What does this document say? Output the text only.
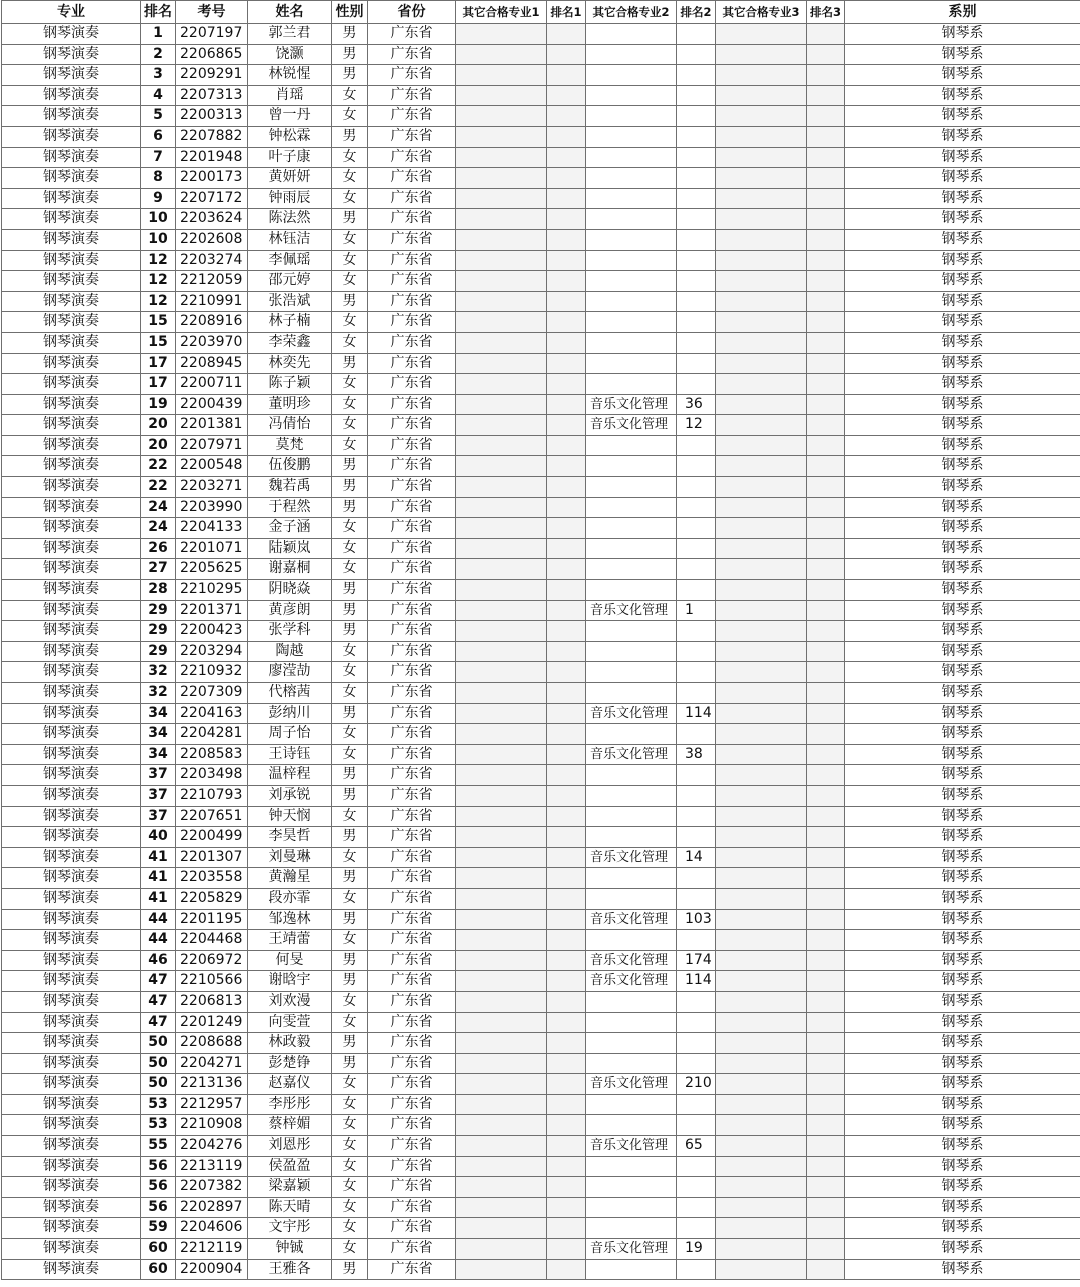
专业	排名	考号	姓名	性别	省份	其它合格专业1	排名1	其它合格专业2	排名2	其它合格专业3	排名3	系别
钢琴演奏	1	2207197	郭兰君	男	广东省							钢琴系
钢琴演奏	2	2206865	饶灏	男	广东省							钢琴系
钢琴演奏	3	2209291	林锐惺	男	广东省							钢琴系
钢琴演奏	4	2207313	肖瑶	女	广东省							钢琴系
钢琴演奏	5	2200313	曾一丹	女	广东省							钢琴系
钢琴演奏	6	2207882	钟松霖	男	广东省							钢琴系
钢琴演奏	7	2201948	叶子康	女	广东省							钢琴系
钢琴演奏	8	2200173	黄妍妍	女	广东省							钢琴系
钢琴演奏	9	2207172	钟雨辰	女	广东省							钢琴系
钢琴演奏	10	2203624	陈法然	男	广东省							钢琴系
钢琴演奏	10	2202608	林钰洁	女	广东省							钢琴系
钢琴演奏	12	2203274	李佩瑶	女	广东省							钢琴系
钢琴演奏	12	2212059	邵元婷	女	广东省							钢琴系
钢琴演奏	12	2210991	张浩斌	男	广东省							钢琴系
钢琴演奏	15	2208916	林子楠	女	广东省							钢琴系
钢琴演奏	15	2203970	李荣鑫	女	广东省							钢琴系
钢琴演奏	17	2208945	林奕先	男	广东省							钢琴系
钢琴演奏	17	2200711	陈子颖	女	广东省							钢琴系
钢琴演奏	19	2200439	董明珍	女	广东省			音乐文化管理	36			钢琴系
钢琴演奏	20	2201381	冯倩怡	女	广东省			音乐文化管理	12			钢琴系
钢琴演奏	20	2207971	莫梵	女	广东省							钢琴系
钢琴演奏	22	2200548	伍俊鹏	男	广东省							钢琴系
钢琴演奏	22	2203271	魏若禹	男	广东省							钢琴系
钢琴演奏	24	2203990	于程然	男	广东省							钢琴系
钢琴演奏	24	2204133	金子涵	女	广东省							钢琴系
钢琴演奏	26	2201071	陆颖岚	女	广东省							钢琴系
钢琴演奏	27	2205625	谢嘉桐	女	广东省							钢琴系
钢琴演奏	28	2210295	阴晓焱	男	广东省							钢琴系
钢琴演奏	29	2201371	黄彦朗	男	广东省			音乐文化管理	1			钢琴系
钢琴演奏	29	2200423	张学科	男	广东省							钢琴系
钢琴演奏	29	2203294	陶越	女	广东省							钢琴系
钢琴演奏	32	2210932	廖滢劼	女	广东省							钢琴系
钢琴演奏	32	2207309	代榕茜	女	广东省							钢琴系
钢琴演奏	34	2204163	彭纳川	男	广东省			音乐文化管理	114			钢琴系
钢琴演奏	34	2204281	周子怡	女	广东省							钢琴系
钢琴演奏	34	2208583	王诗钰	女	广东省			音乐文化管理	38			钢琴系
钢琴演奏	37	2203498	温梓程	男	广东省							钢琴系
钢琴演奏	37	2210793	刘承锐	男	广东省							钢琴系
钢琴演奏	37	2207651	钟天悯	女	广东省							钢琴系
钢琴演奏	40	2200499	李昊哲	男	广东省							钢琴系
钢琴演奏	41	2201307	刘曼琳	女	广东省			音乐文化管理	14			钢琴系
钢琴演奏	41	2203558	黄瀚星	男	广东省							钢琴系
钢琴演奏	41	2205829	段亦霏	女	广东省							钢琴系
钢琴演奏	44	2201195	邹逸林	男	广东省			音乐文化管理	103			钢琴系
钢琴演奏	44	2204468	王靖蕾	女	广东省							钢琴系
钢琴演奏	46	2206972	何旻	男	广东省			音乐文化管理	174			钢琴系
钢琴演奏	47	2210566	谢晗宇	男	广东省			音乐文化管理	114			钢琴系
钢琴演奏	47	2206813	刘欢漫	女	广东省							钢琴系
钢琴演奏	47	2201249	向雯萱	女	广东省							钢琴系
钢琴演奏	50	2208688	林政毅	男	广东省							钢琴系
钢琴演奏	50	2204271	彭楚铮	男	广东省							钢琴系
钢琴演奏	50	2213136	赵嘉仪	女	广东省			音乐文化管理	210			钢琴系
钢琴演奏	53	2212957	李彤彤	女	广东省							钢琴系
钢琴演奏	53	2210908	蔡梓媚	女	广东省							钢琴系
钢琴演奏	55	2204276	刘恩彤	女	广东省			音乐文化管理	65			钢琴系
钢琴演奏	56	2213119	侯盈盈	女	广东省							钢琴系
钢琴演奏	56	2207382	梁嘉颖	女	广东省							钢琴系
钢琴演奏	56	2202897	陈天晴	女	广东省							钢琴系
钢琴演奏	59	2204606	文宇彤	女	广东省							钢琴系
钢琴演奏	60	2212119	钟铖	女	广东省			音乐文化管理	19			钢琴系
钢琴演奏	60	2200904	王雅各	男	广东省							钢琴系
